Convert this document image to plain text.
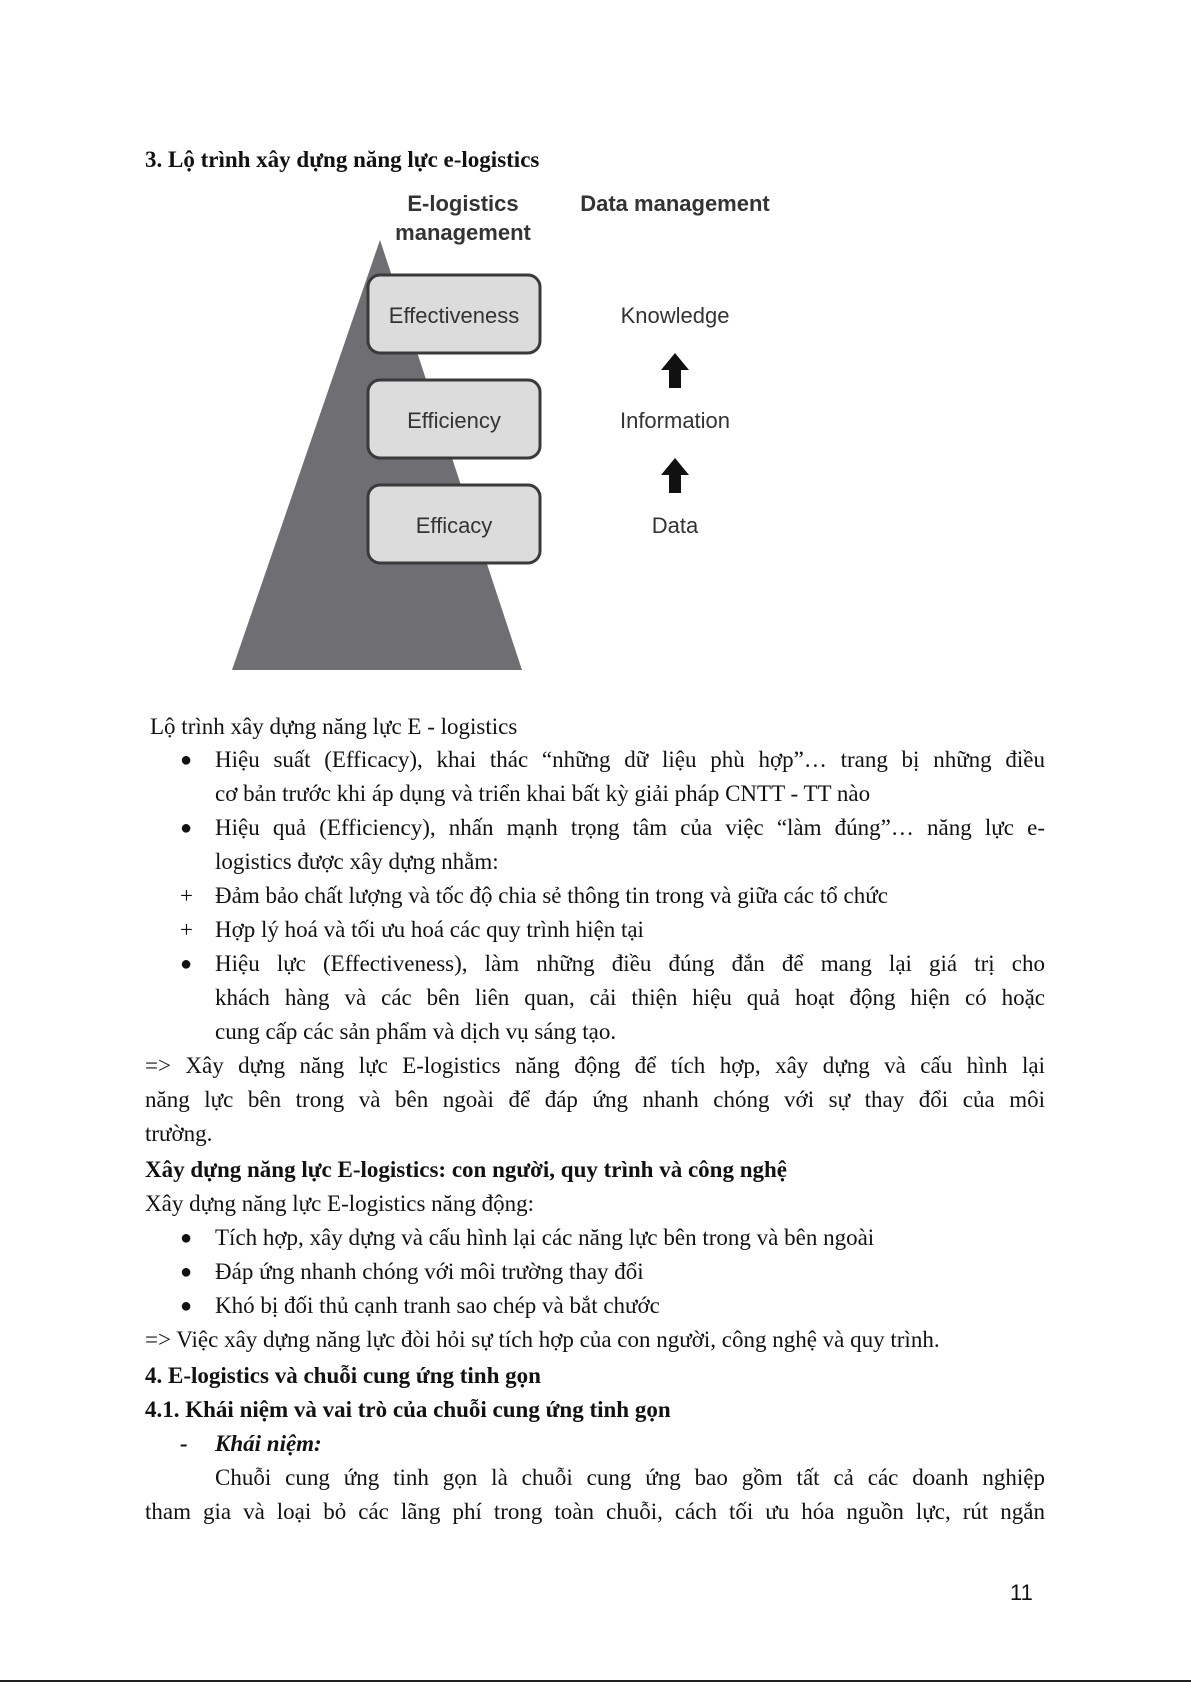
3. Lộ trình xây dựng năng lực e-logistics
E-logistics
management
Data management
Effectiveness
Efficiency
Efficacy
Knowledge
Information
Data
Lộ trình xây dựng năng lực E - logistics
● Hiệu suất (Efficacy), khai thác “những dữ liệu phù hợp”… trang bị những điều
cơ bản trước khi áp dụng và triển khai bất kỳ giải pháp CNTT - TT nào
● Hiệu quả (Efficiency), nhấn mạnh trọng tâm của việc “làm đúng”… năng lực e-
logistics được xây dựng nhằm:
+ Đảm bảo chất lượng và tốc độ chia sẻ thông tin trong và giữa các tổ chức
+ Hợp lý hoá và tối ưu hoá các quy trình hiện tại
● Hiệu lực (Effectiveness), làm những điều đúng đắn để mang lại giá trị cho
khách hàng và các bên liên quan, cải thiện hiệu quả hoạt động hiện có hoặc
cung cấp các sản phẩm và dịch vụ sáng tạo.
=> Xây dựng năng lực E-logistics năng động để tích hợp, xây dựng và cấu hình lại
năng lực bên trong và bên ngoài để đáp ứng nhanh chóng với sự thay đổi của môi
trường.
Xây dựng năng lực E-logistics: con người, quy trình và công nghệ
Xây dựng năng lực E-logistics năng động:
● Tích hợp, xây dựng và cấu hình lại các năng lực bên trong và bên ngoài
● Đáp ứng nhanh chóng với môi trường thay đổi
● Khó bị đối thủ cạnh tranh sao chép và bắt chước
=> Việc xây dựng năng lực đòi hỏi sự tích hợp của con người, công nghệ và quy trình.
4. E-logistics và chuỗi cung ứng tinh gọn
4.1. Khái niệm và vai trò của chuỗi cung ứng tinh gọn
- Khái niệm:
Chuỗi cung ứng tinh gọn là chuỗi cung ứng bao gồm tất cả các doanh nghiệp
tham gia và loại bỏ các lãng phí trong toàn chuỗi, cách tối ưu hóa nguồn lực, rút ngắn
11
